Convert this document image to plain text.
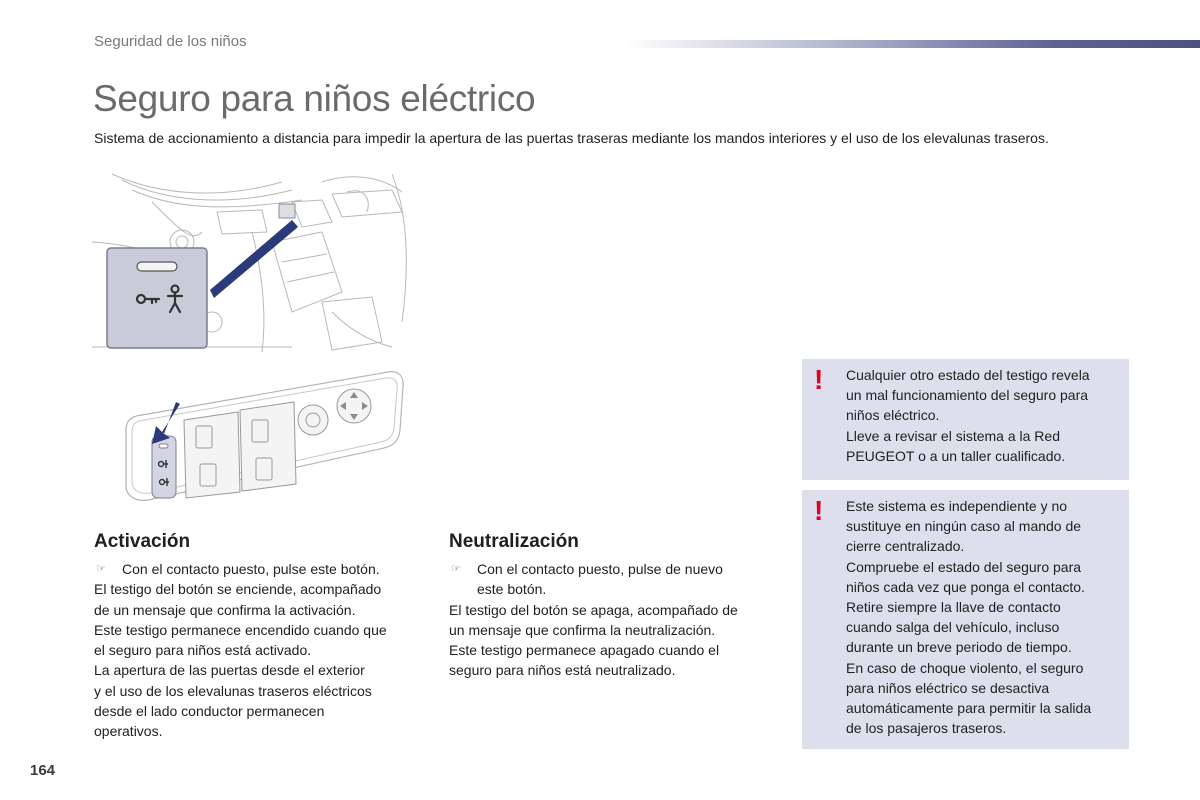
Seguridad de los niños
Seguro para niños eléctrico
Sistema de accionamiento a distancia para impedir la apertura de las puertas traseras mediante los mandos interiores y el uso de los elevalunas traseros.
Activación
☞	Con el contacto puesto, pulse este botón.
El testigo del botón se enciende, acompañado
de un mensaje que confirma la activación.
Este testigo permanece encendido cuando que
el seguro para niños está activado.
La apertura de las puertas desde el exterior
y el uso de los elevalunas traseros eléctricos
desde el lado conductor permanecen
operativos.
Neutralización
☞	Con el contacto puesto, pulse de nuevo
este botón.
El testigo del botón se apaga, acompañado de
un mensaje que confirma la neutralización.
Este testigo permanece apagado cuando el
seguro para niños está neutralizado.
! Cualquier otro estado del testigo revela
un mal funcionamiento del seguro para
niños eléctrico.
Lleve a revisar el sistema a la Red
PEUGEOT o a un taller cualificado.
! Este sistema es independiente y no
sustituye en ningún caso al mando de
cierre centralizado.
Compruebe el estado del seguro para
niños cada vez que ponga el contacto.
Retire siempre la llave de contacto
cuando salga del vehículo, incluso
durante un breve periodo de tiempo.
En caso de choque violento, el seguro
para niños eléctrico se desactiva
automáticamente para permitir la salida
de los pasajeros traseros.
164
